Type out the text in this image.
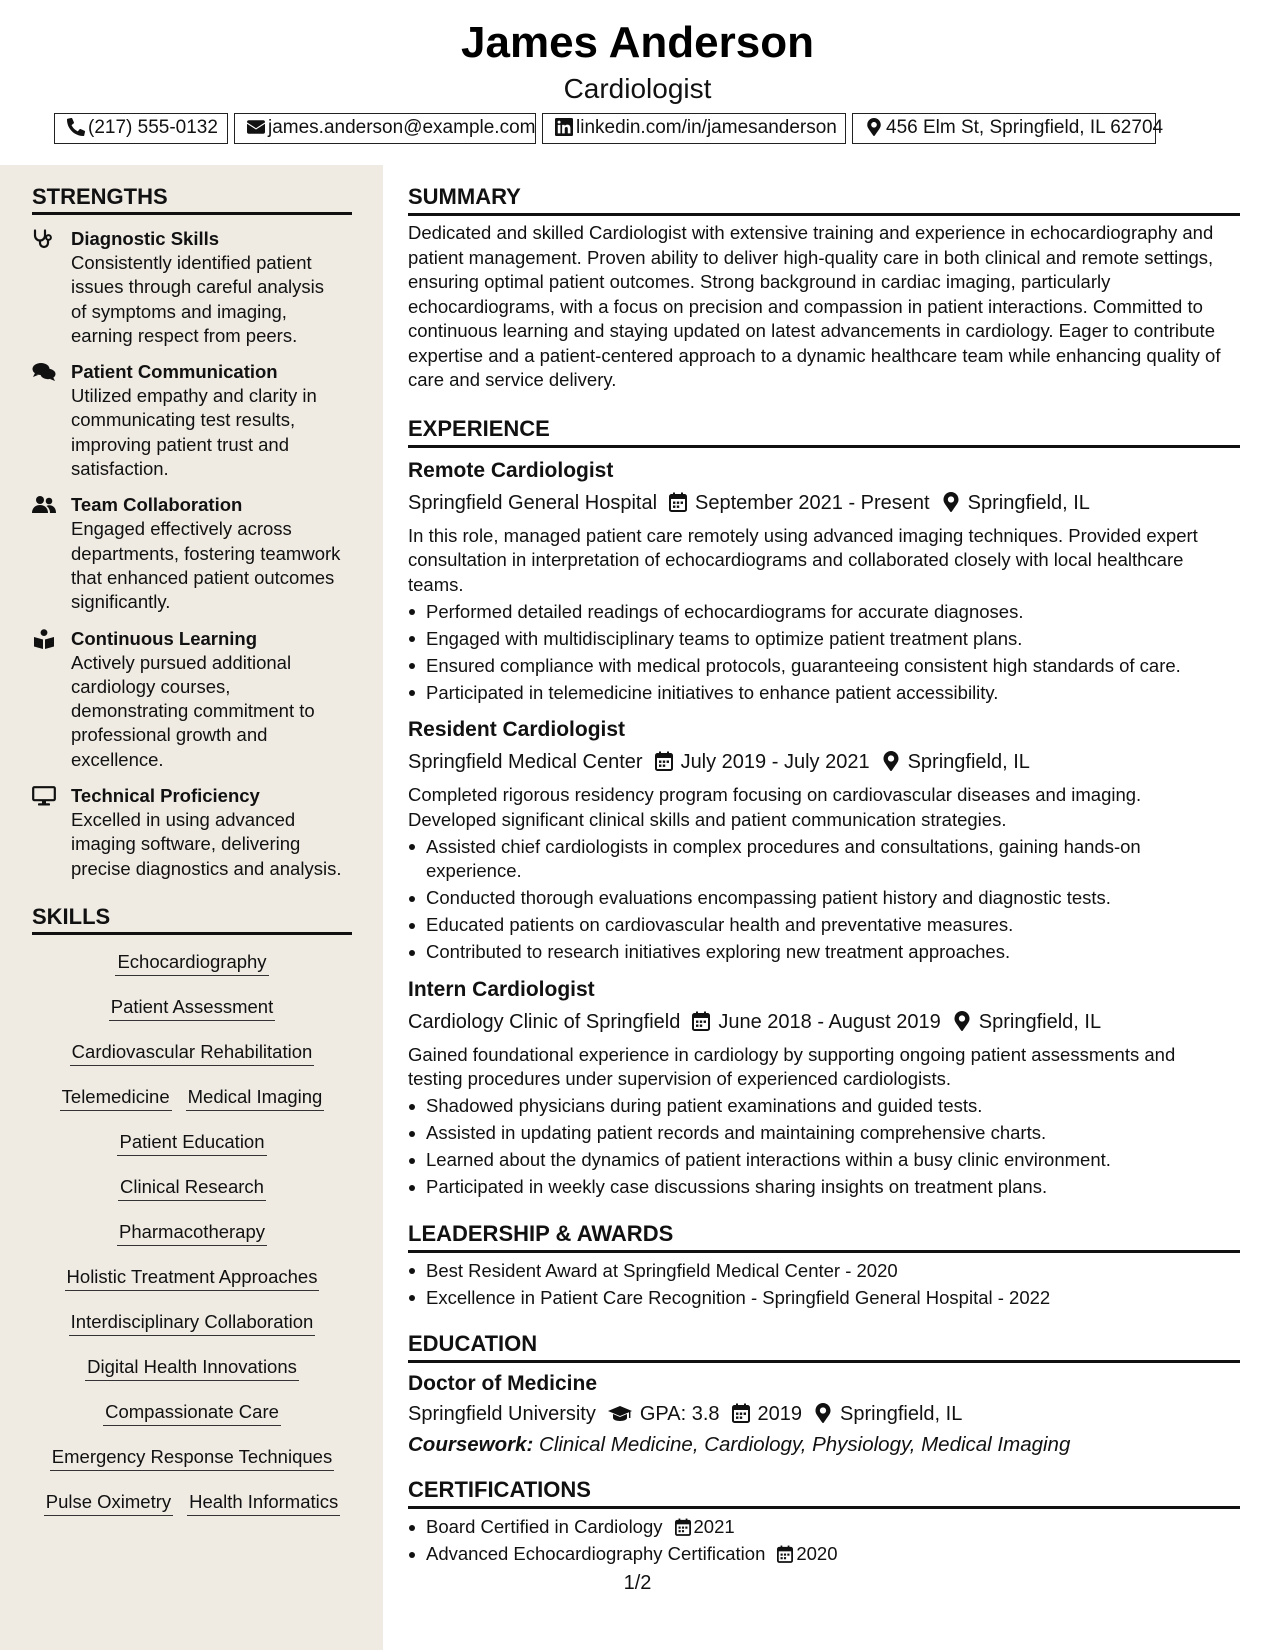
James Anderson
Cardiologist
(217) 555-0132	james.anderson@example.com	linkedin.com/in/jamesanderson	456 Elm St, Springfield, IL 62704
STRENGTHS
Diagnostic Skills
Consistently identified patient
issues through careful analysis
of symptoms and imaging,
earning respect from peers.
Patient Communication
Utilized empathy and clarity in
communicating test results,
improving patient trust and
satisfaction.
Team Collaboration
Engaged effectively across
departments, fostering teamwork
that enhanced patient outcomes
significantly.
Continuous Learning
Actively pursued additional
cardiology courses,
demonstrating commitment to
professional growth and
excellence.
Technical Proficiency
Excelled in using advanced
imaging software, delivering
precise diagnostics and analysis.
SKILLS
Echocardiography
Patient Assessment
Cardiovascular Rehabilitation
Telemedicine Medical Imaging
Patient Education
Clinical Research
Pharmacotherapy
Holistic Treatment Approaches
Interdisciplinary Collaboration
Digital Health Innovations
Compassionate Care
Emergency Response Techniques
Pulse Oximetry Health Informatics
SUMMARY
Dedicated and skilled Cardiologist with extensive training and experience in echocardiography and
patient management. Proven ability to deliver high-quality care in both clinical and remote settings,
ensuring optimal patient outcomes. Strong background in cardiac imaging, particularly
echocardiograms, with a focus on precision and compassion in patient interactions. Committed to
continuous learning and staying updated on latest advancements in cardiology. Eager to contribute
expertise and a patient-centered approach to a dynamic healthcare team while enhancing quality of
care and service delivery.
EXPERIENCE
Remote Cardiologist
Springfield General Hospital September 2021 - Present Springfield, IL
In this role, managed patient care remotely using advanced imaging techniques. Provided expert
consultation in interpretation of echocardiograms and collaborated closely with local healthcare
teams.
Performed detailed readings of echocardiograms for accurate diagnoses.
Engaged with multidisciplinary teams to optimize patient treatment plans.
Ensured compliance with medical protocols, guaranteeing consistent high standards of care.
Participated in telemedicine initiatives to enhance patient accessibility.
Resident Cardiologist
Springfield Medical Center July 2019 - July 2021 Springfield, IL
Completed rigorous residency program focusing on cardiovascular diseases and imaging.
Developed significant clinical skills and patient communication strategies.
Assisted chief cardiologists in complex procedures and consultations, gaining hands-on
experience.
Conducted thorough evaluations encompassing patient history and diagnostic tests.
Educated patients on cardiovascular health and preventative measures.
Contributed to research initiatives exploring new treatment approaches.
Intern Cardiologist
Cardiology Clinic of Springfield June 2018 - August 2019 Springfield, IL
Gained foundational experience in cardiology by supporting ongoing patient assessments and
testing procedures under supervision of experienced cardiologists.
Shadowed physicians during patient examinations and guided tests.
Assisted in updating patient records and maintaining comprehensive charts.
Learned about the dynamics of patient interactions within a busy clinic environment.
Participated in weekly case discussions sharing insights on treatment plans.
LEADERSHIP & AWARDS
Best Resident Award at Springfield Medical Center - 2020
Excellence in Patient Care Recognition - Springfield General Hospital - 2022
EDUCATION
Doctor of Medicine
Springfield University GPA: 3.8 2019 Springfield, IL
Coursework: Clinical Medicine, Cardiology, Physiology, Medical Imaging
CERTIFICATIONS
Board Certified in Cardiology 2021
Advanced Echocardiography Certification 2020
1/2
